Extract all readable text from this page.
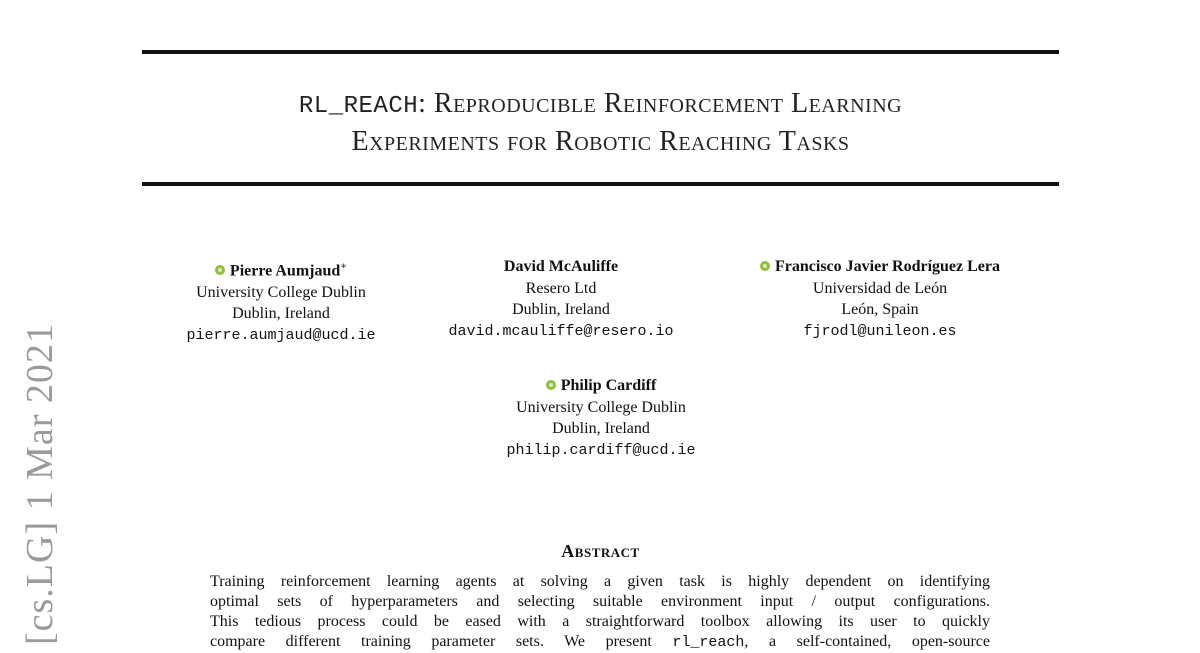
RL_REACH: Reproducible Reinforcement Learning
Experiments for Robotic Reaching Tasks
Pierre Aumjaud∗
University College Dublin
Dublin, Ireland
pierre.aumjaud@ucd.ie
David McAuliffe
Resero Ltd
Dublin, Ireland
david.mcauliffe@resero.io
Francisco Javier Rodríguez Lera
Universidad de León
León, Spain
fjrodl@unileon.es
Philip Cardiff
University College Dublin
Dublin, Ireland
philip.cardiff@ucd.ie
Abstract
Training reinforcement learning agents at solving a given task is highly dependent on identifying
optimal sets of hyperparameters and selecting suitable environment input / output configurations.
This tedious process could be eased with a straightforward toolbox allowing its user to quickly
compare different training parameter sets. We present rl_reach, a self-contained, open-source
[cs.LG] 1 Mar 2021
